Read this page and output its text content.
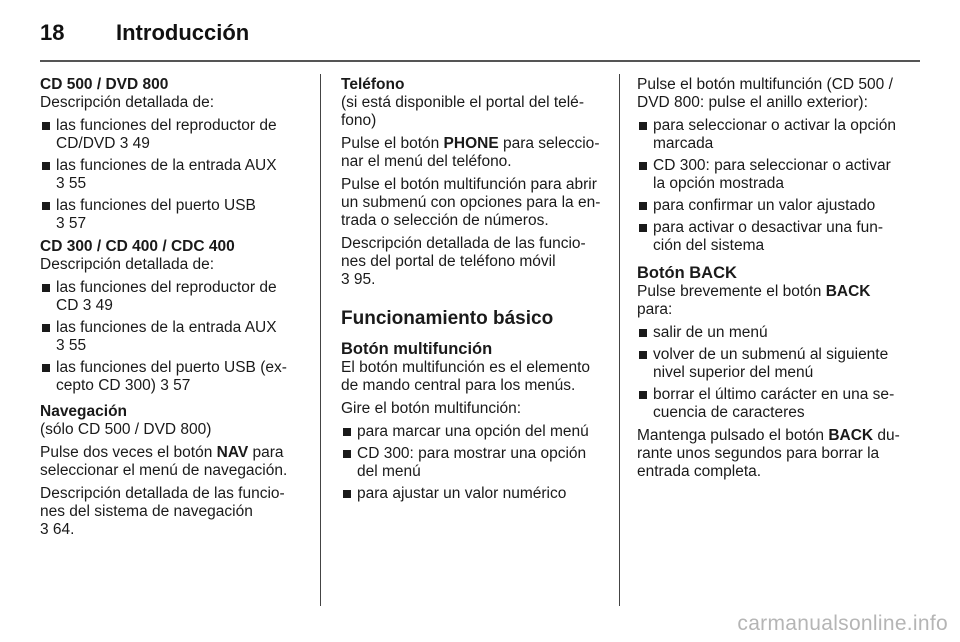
18 Introducción
CD 500 / DVD 800
Descripción detallada de:
las funciones del reproductor de CD/DVD 3 49
las funciones de la entrada AUX
3 55
las funciones del puerto USB
3 57
CD 300 / CD 400 / CDC 400
Descripción detallada de:
las funciones del reproductor de CD 3 49
las funciones de la entrada AUX
3 55
las funciones del puerto USB (excepto CD 300) 3 57
Navegación

(sólo CD 500 / DVD 800)

Pulse dos veces el botón NAV para seleccionar el menú de navegación.

Descripción detallada de las funciones del sistema de navegación
3 64.

Teléfono

(si está disponible el portal del teléfono)

Pulse el botón PHONE para seleccionar el menú del teléfono.

Pulse el botón multifunción para abrir un submenú con opciones para la entrada o selección de números.

Descripción detallada de las funciones del portal de teléfono móvil
3 95.

Funcionamiento básico
Botón multifunción

El botón multifunción es el elemento de mando central para los menús.

Gire el botón multifunción:

para marcar una opción del menú
CD 300: para mostrar una opción del menú
para ajustar un valor numérico

Pulse el botón multifunción (CD 500 / DVD 800: pulse el anillo exterior):

para seleccionar o activar la opción marcada
CD 300: para seleccionar o activar la opción mostrada
para confirmar un valor ajustado
para activar o desactivar una función del sistema
Botón BACK

Pulse brevemente el botón BACK para:

salir de un menú
volver de un submenú al siguiente nivel superior del menú
borrar el último carácter en una secuencia de caracteres

Mantenga pulsado el botón BACK durante unos segundos para borrar la entrada completa.

carmanualsonline.info
